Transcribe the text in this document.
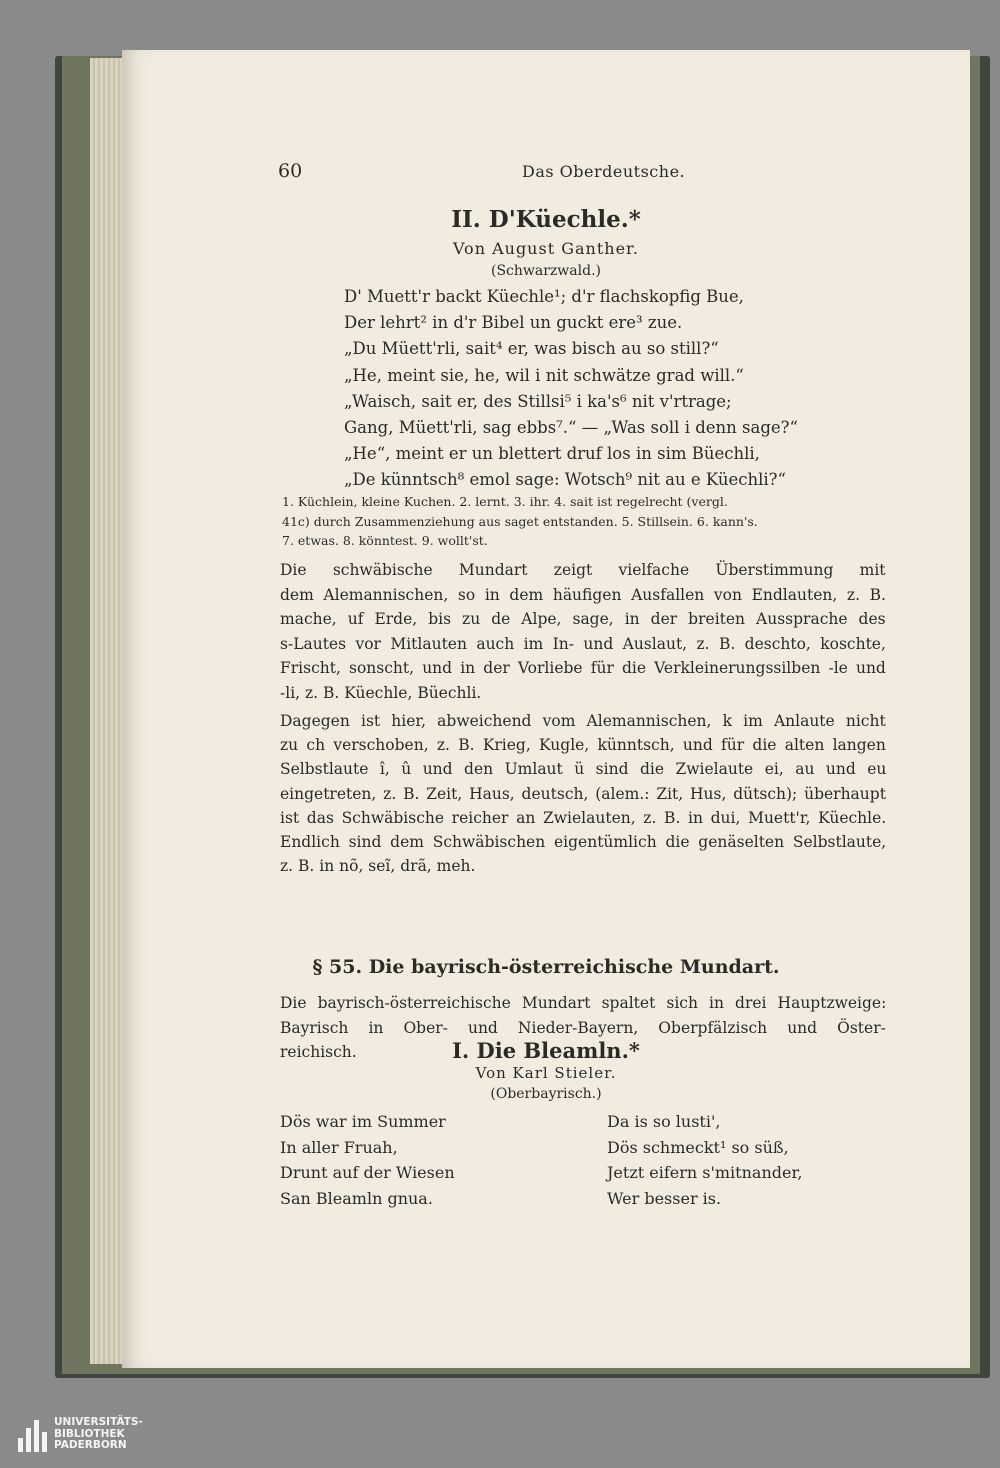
60	Das Oberdeutsche.
II. D'Küechle.*
Von August Ganther.
(Schwarzwald.)
D' Muett'r backt Küechle¹; d'r flachskopfig Bue,
Der lehrt² in d'r Bibel un guckt ere³ zue.
„Du Müett'rli, sait⁴ er, was bisch au so still?“
„He, meint sie, he, wil i nit schwätze grad will.“
„Waisch, sait er, des Stillsi⁵ i ka's⁶ nit v'rtrage;
Gang, Müett'rli, sag ebbs⁷.“ — „Was soll i denn sage?“
„He“, meint er un blettert druf los in sim Büechli,
„De künntsch⁸ emol sage: Wotsch⁹ nit au e Küechli?“
1. Küchlein, kleine Kuchen. 2. lernt. 3. ihr. 4. sait ist regelrecht (vergl.
41c) durch Zusammenziehung aus saget entstanden. 5. Stillsein. 6. kann's.
7. etwas. 8. könntest. 9. wollt'st.
Die schwäbische Mundart zeigt vielfache Überstimmung mit
dem Alemannischen, so in dem häufigen Ausfallen von Endlauten, z. B.
mache, uf Erde, bis zu de Alpe, sage, in der breiten Aussprache des
s-Lautes vor Mitlauten auch im In- und Auslaut, z. B. deschto, koschte,
Frischt, sonscht, und in der Vorliebe für die Verkleinerungssilben -le und
-li, z. B. Küechle, Büechli.
Dagegen ist hier, abweichend vom Alemannischen, k im Anlaute nicht
zu ch verschoben, z. B. Krieg, Kugle, künntsch, und für die alten langen
Selbstlaute î, û und den Umlaut ü sind die Zwielaute ei, au und eu
eingetreten, z. B. Zeit, Haus, deutsch, (alem.: Zit, Hus, dütsch); überhaupt
ist das Schwäbische reicher an Zwielauten, z. B. in dui, Muett'r, Küechle.
Endlich sind dem Schwäbischen eigentümlich die genäselten Selbstlaute,
z. B. in nõ, seĩ, drã, meh.
§ 55. Die bayrisch-österreichische Mundart.
Die bayrisch-österreichische Mundart spaltet sich in drei Hauptzweige:
Bayrisch in Ober- und Nieder-Bayern, Oberpfälzisch und Öster-
reichisch.	I. Die Bleamln.*
Von Karl Stieler.
(Oberbayrisch.)
Dös war im Summer
In aller Fruah,
Drunt auf der Wiesen
San Bleamln gnua.
Da is so lusti',
Dös schmeckt¹ so süß,
Jetzt eifern s'mitnander,
Wer besser is.
UNIVERSITÄTS-
BIBLIOTHEK
PADERBORN
